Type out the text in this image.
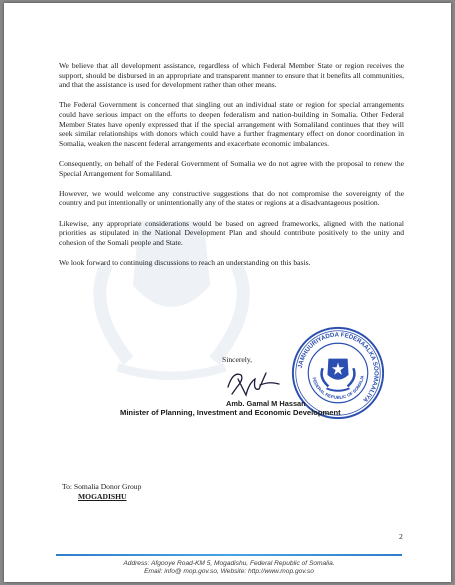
We believe that all development assistance, regardless of which Federal Member State or region receives the support, should be disbursed in an appropriate and transparent manner to ensure that it benefits all communities, and that the assistance is used for development rather than other means.

The Federal Government is concerned that singling out an individual state or region for special arrangements could have serious impact on the efforts to deepen federalism and nation-building in Somalia. Other Federal Member States have openly expressed that if the special arrangement with Somaliland continues that they will seek similar relationships with donors which could have a further fragmentary effect on donor coordination in Somalia, weaken the nascent federal arrangements and exacerbate economic imbalances.

Consequently, on behalf of the Federal Government of Somalia we do not agree with the proposal to renew the Special Arrangement for Somaliland.

However, we would welcome any constructive suggestions that do not compromise the sovereignty of the country and put intentionally or unintentionally any of the states or regions at a disadvantageous position.

Likewise, any appropriate considerations would be based on agreed frameworks, aligned with the national priorities as stipulated in the National Development Plan and should contribute positively to the unity and cohesion of the Somali people and State.

We look forward to continuing discussions to reach an understanding on this basis.

JAMHUURIYADDA FEDERAALKA SOOMAALIYA
FEDERAL REPUBLIC OF SOMALIA
Sincerely,
Amb. Gamal M Hassan
Minister of Planning, Investment and Economic Development
To: Somalia Donor Group
MOGADISHU
2
Address: Afgooye Road-KM 5, Mogadishu, Federal Republic of Somalia.
Email: info@ mop.gov.so, Website: http://www.mop.gov.so
